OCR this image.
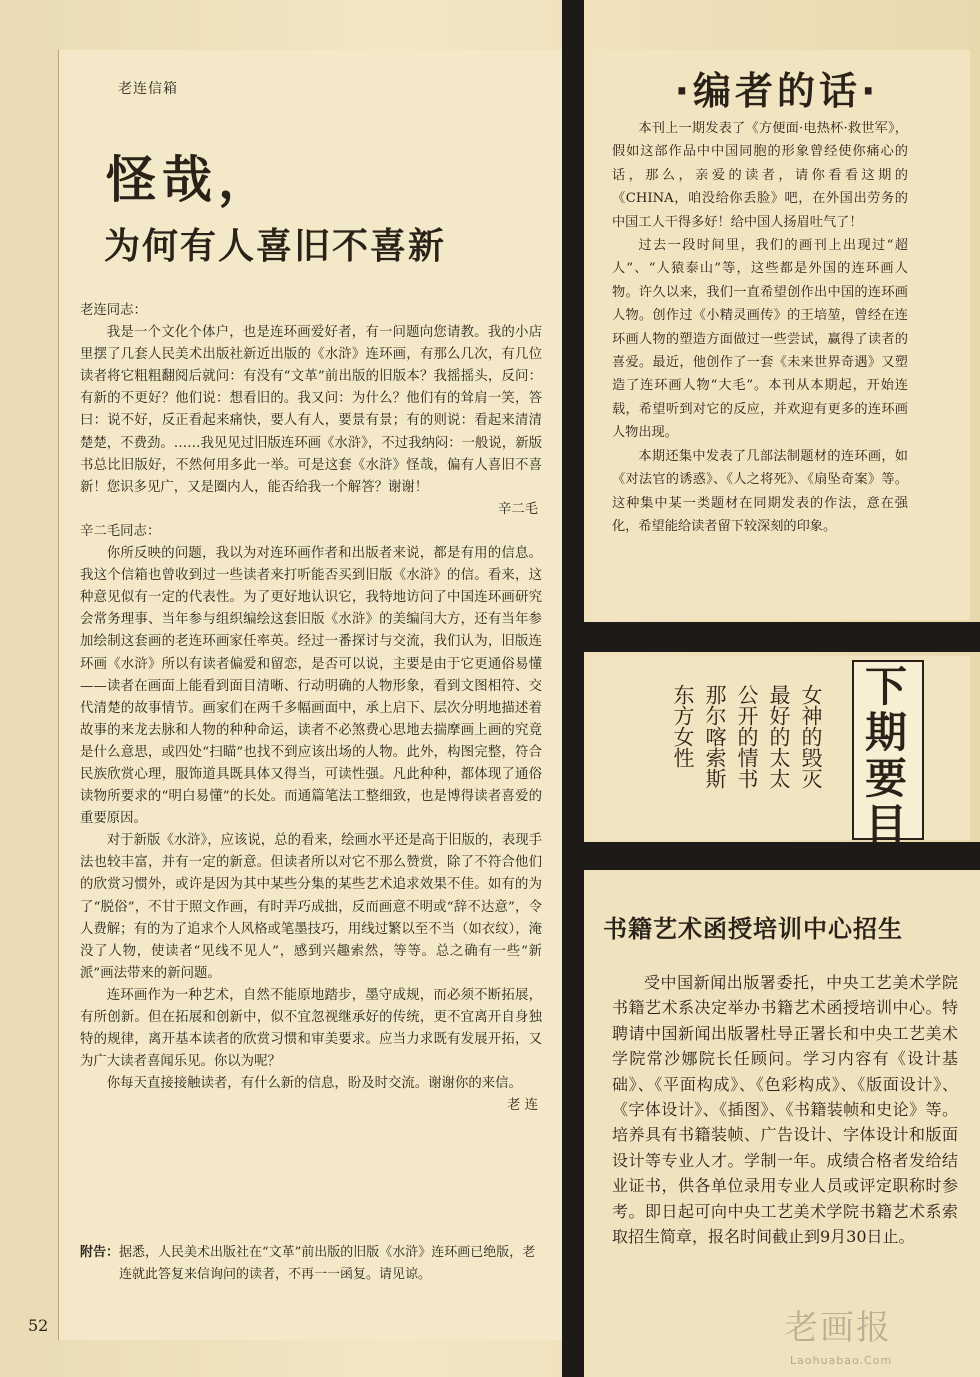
老连信箱
怪哉，
为何有人喜旧不喜新

老连同志：

我是一个文化个体户，也是连环画爱好者，有一问题向您请教。我的小店里摆了几套人民美术出版社新近出版的《水浒》连环画，有那么几次，有几位读者将它粗粗翻阅后就问：有没有“文革”前出版的旧版本？我摇摇头，反问：有新的不更好？他们说：想看旧的。我又问：为什么？他们有的耸肩一笑，答曰：说不好，反正看起来痛快，要人有人，要景有景；有的则说：看起来清清楚楚，不费劲。……我见见过旧版连环画《水浒》，不过我纳闷：一般说，新版书总比旧版好，不然何用多此一举。可是这套《水浒》怪哉，偏有人喜旧不喜新！您识多见广，又是圈内人，能否给我一个解答？谢谢！

辛二毛

辛二毛同志：

你所反映的问题，我以为对连环画作者和出版者来说，都是有用的信息。我这个信箱也曾收到过一些读者来打听能否买到旧版《水浒》的信。看来，这种意见似有一定的代表性。为了更好地认识它，我特地访问了中国连环画研究会常务理事、当年参与组织编绘这套旧版《水浒》的美编闫大方，还有当年参加绘制这套画的老连环画家任率英。经过一番探讨与交流，我们认为，旧版连环画《水浒》所以有读者偏爱和留恋，是否可以说，主要是由于它更通俗易懂——读者在画面上能看到面目清晰、行动明确的人物形象，看到文图相符、交代清楚的故事情节。画家们在两千多幅画面中，承上启下、层次分明地描述着故事的来龙去脉和人物的种种命运，读者不必煞费心思地去揣摩画上画的究竟是什么意思，或四处“扫瞄”也找不到应该出场的人物。此外，构图完整，符合民族欣赏心理，服饰道具既具体又得当，可读性强。凡此种种，都体现了通俗读物所要求的“明白易懂”的长处。而通篇笔法工整细致，也是博得读者喜爱的重要原因。

对于新版《水浒》，应该说，总的看来，绘画水平还是高于旧版的，表现手法也较丰富，并有一定的新意。但读者所以对它不那么赞赏，除了不符合他们的欣赏习惯外，或许是因为其中某些分集的某些艺术追求效果不佳。如有的为了“脱俗”，不甘于照文作画，有时弄巧成拙，反而画意不明或“辞不达意”，令人费解；有的为了追求个人风格或笔墨技巧，用线过繁以至不当（如衣纹），淹没了人物，使读者“见线不见人”，感到兴趣索然，等等。总之确有一些“新派”画法带来的新问题。

连环画作为一种艺术，自然不能原地踏步，墨守成规，而必须不断拓展，有所创新。但在拓展和创新中，似不宜忽视继承好的传统，更不宜离开自身独特的规律，离开基本读者的欣赏习惯和审美要求。应当力求既有发展开拓，又为广大读者喜闻乐见。你以为呢？

你每天直接接触读者，有什么新的信息，盼及时交流。谢谢你的来信。

老 连

附告： 据悉，人民美术出版社在“文革”前出版的旧版《水浒》连环画已绝版，老连就此答复来信询问的读者，不再一一函复。请见谅。
52
·编者的话·

本刊上一期发表了《方便面·电热杯·救世军》，假如这部作品中中国同胞的形象曾经使你痛心的话，那么，亲爱的读者，请你看看这期的《CHINA，咱没给你丢脸》吧，在外国出劳务的中国工人干得多好！给中国人扬眉吐气了！

过去一段时间里，我们的画刊上出现过“超人”、“人猿泰山”等，这些都是外国的连环画人物。许久以来，我们一直希望创作出中国的连环画人物。创作过《小精灵画传》的王培堃，曾经在连环画人物的塑造方面做过一些尝试，赢得了读者的喜爱。最近，他创作了一套《未来世界奇遇》又塑造了连环画人物“大毛”。本刊从本期起，开始连载，希望听到对它的反应，并欢迎有更多的连环画人物出现。

本期还集中发表了几部法制题材的连环画，如《对法官的诱惑》、《人之将死》、《扇坠奇案》等。这种集中某一类题材在同期发表的作法，意在强化，希望能给读者留下较深刻的印象。

女神的毁灭
最好的太太
公开的情书
那尔喀索斯
东方女性	下期要目
书籍艺术函授培训中心招生

受中国新闻出版署委托，中央工艺美术学院书籍艺术系决定举办书籍艺术函授培训中心。特聘请中国新闻出版署杜导正署长和中央工艺美术学院常沙娜院长任顾问。学习内容有《设计基础》、《平面构成》、《色彩构成》、《版面设计》、《字体设计》、《插图》、《书籍装帧和史论》等。培养具有书籍装帧、广告设计、字体设计和版面设计等专业人才。学制一年。成绩合格者发给结业证书，供各单位录用专业人员或评定职称时参考。即日起可向中央工艺美术学院书籍艺术系索取招生简章，报名时间截止到9月30日止。

老画报
Laohuabao.Com
